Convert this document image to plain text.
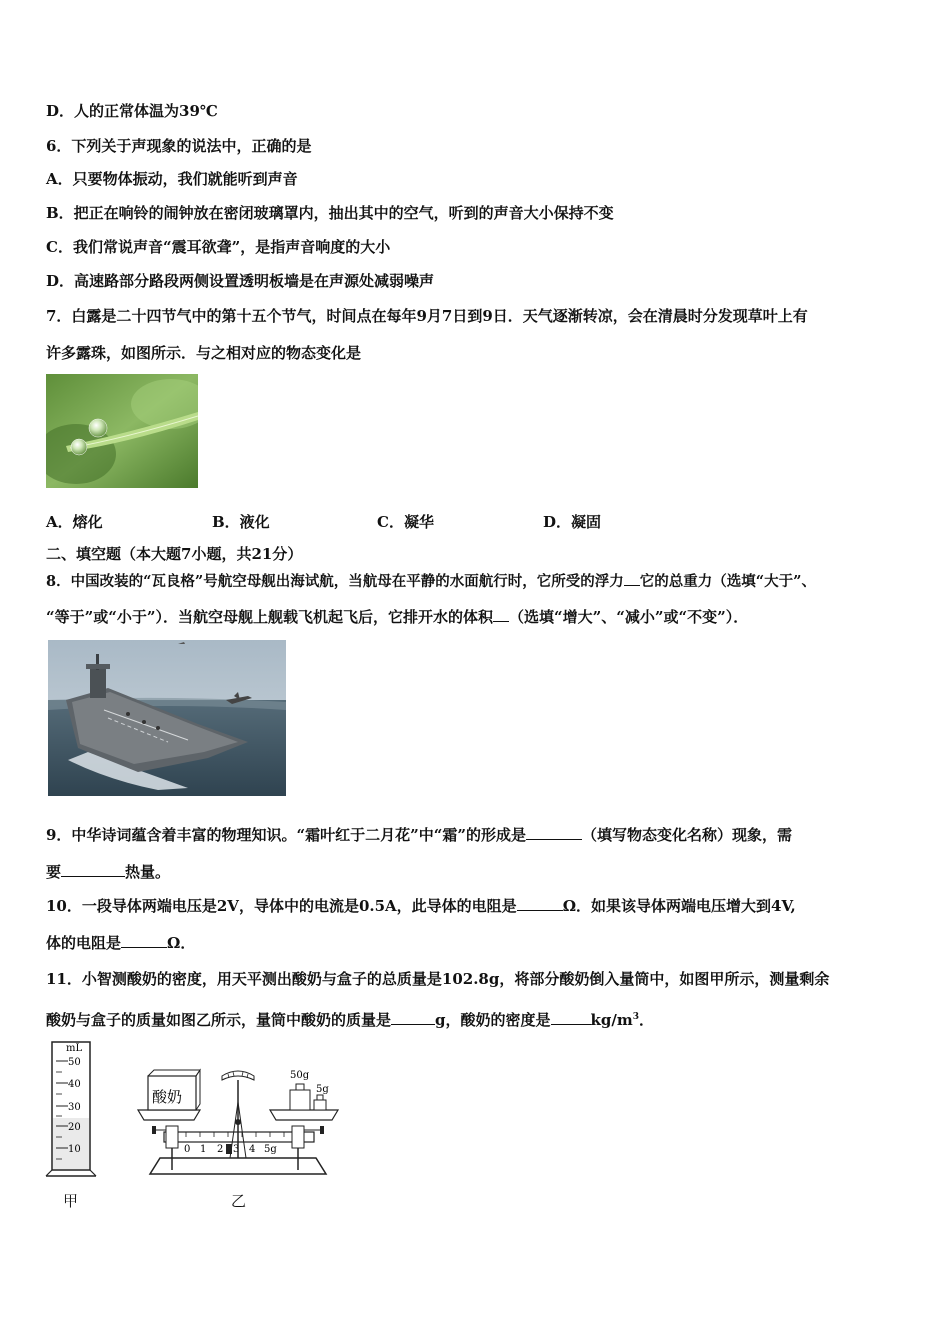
D．人的正常体温为39℃
6．下列关于声现象的说法中，正确的是
A．只要物体振动，我们就能听到声音
B．把正在响铃的闹钟放在密闭玻璃罩内，抽出其中的空气，听到的声音大小保持不变
C．我们常说声音“震耳欲聋”，是指声音响度的大小
D．高速路部分路段两侧设置透明板墙是在声源处减弱噪声
7．白露是二十四节气中的第十五个节气，时间点在每年9月7日到9日．天气逐渐转凉，会在清晨时分发现草叶上有
许多露珠，如图所示．与之相对应的物态变化是
A．熔化	B．液化	C．凝华	D．凝固
二、填空题（本大题7小题，共21分）
8．中国改装的“瓦良格”号航空母舰出海试航，当航母在平静的水面航行时，它所受的浮力 它的总重力（选填“大于”、
“等于”或“小于”）．当航空母舰上舰载飞机起飞后，它排开水的体积 （选填“增大”、“减小”或“不变”）．
9．中华诗词蕴含着丰富的物理知识。“霜叶红于二月花”中“霜”的形成是	（填写物态变化名称）现象，需
要	热量。
10．一段导体两端电压是2V，导体中的电流是0.5A，此导体的电阻是	Ω．如果该导体两端电压增大到4V,
体的电阻是	Ω．
11．小智测酸奶的密度，用天平测出酸奶与盒子的总质量是102.8g，将部分酸奶倒入量筒中，如图甲所示，测量剩余
酸奶与盒子的质量如图乙所示，量筒中酸奶的质量是	g，酸奶的密度是	$kg/m^3$．
mL
50
40
30
20
10
甲
0 1 2 3 4 5g
酸奶
50g
5g
乙
